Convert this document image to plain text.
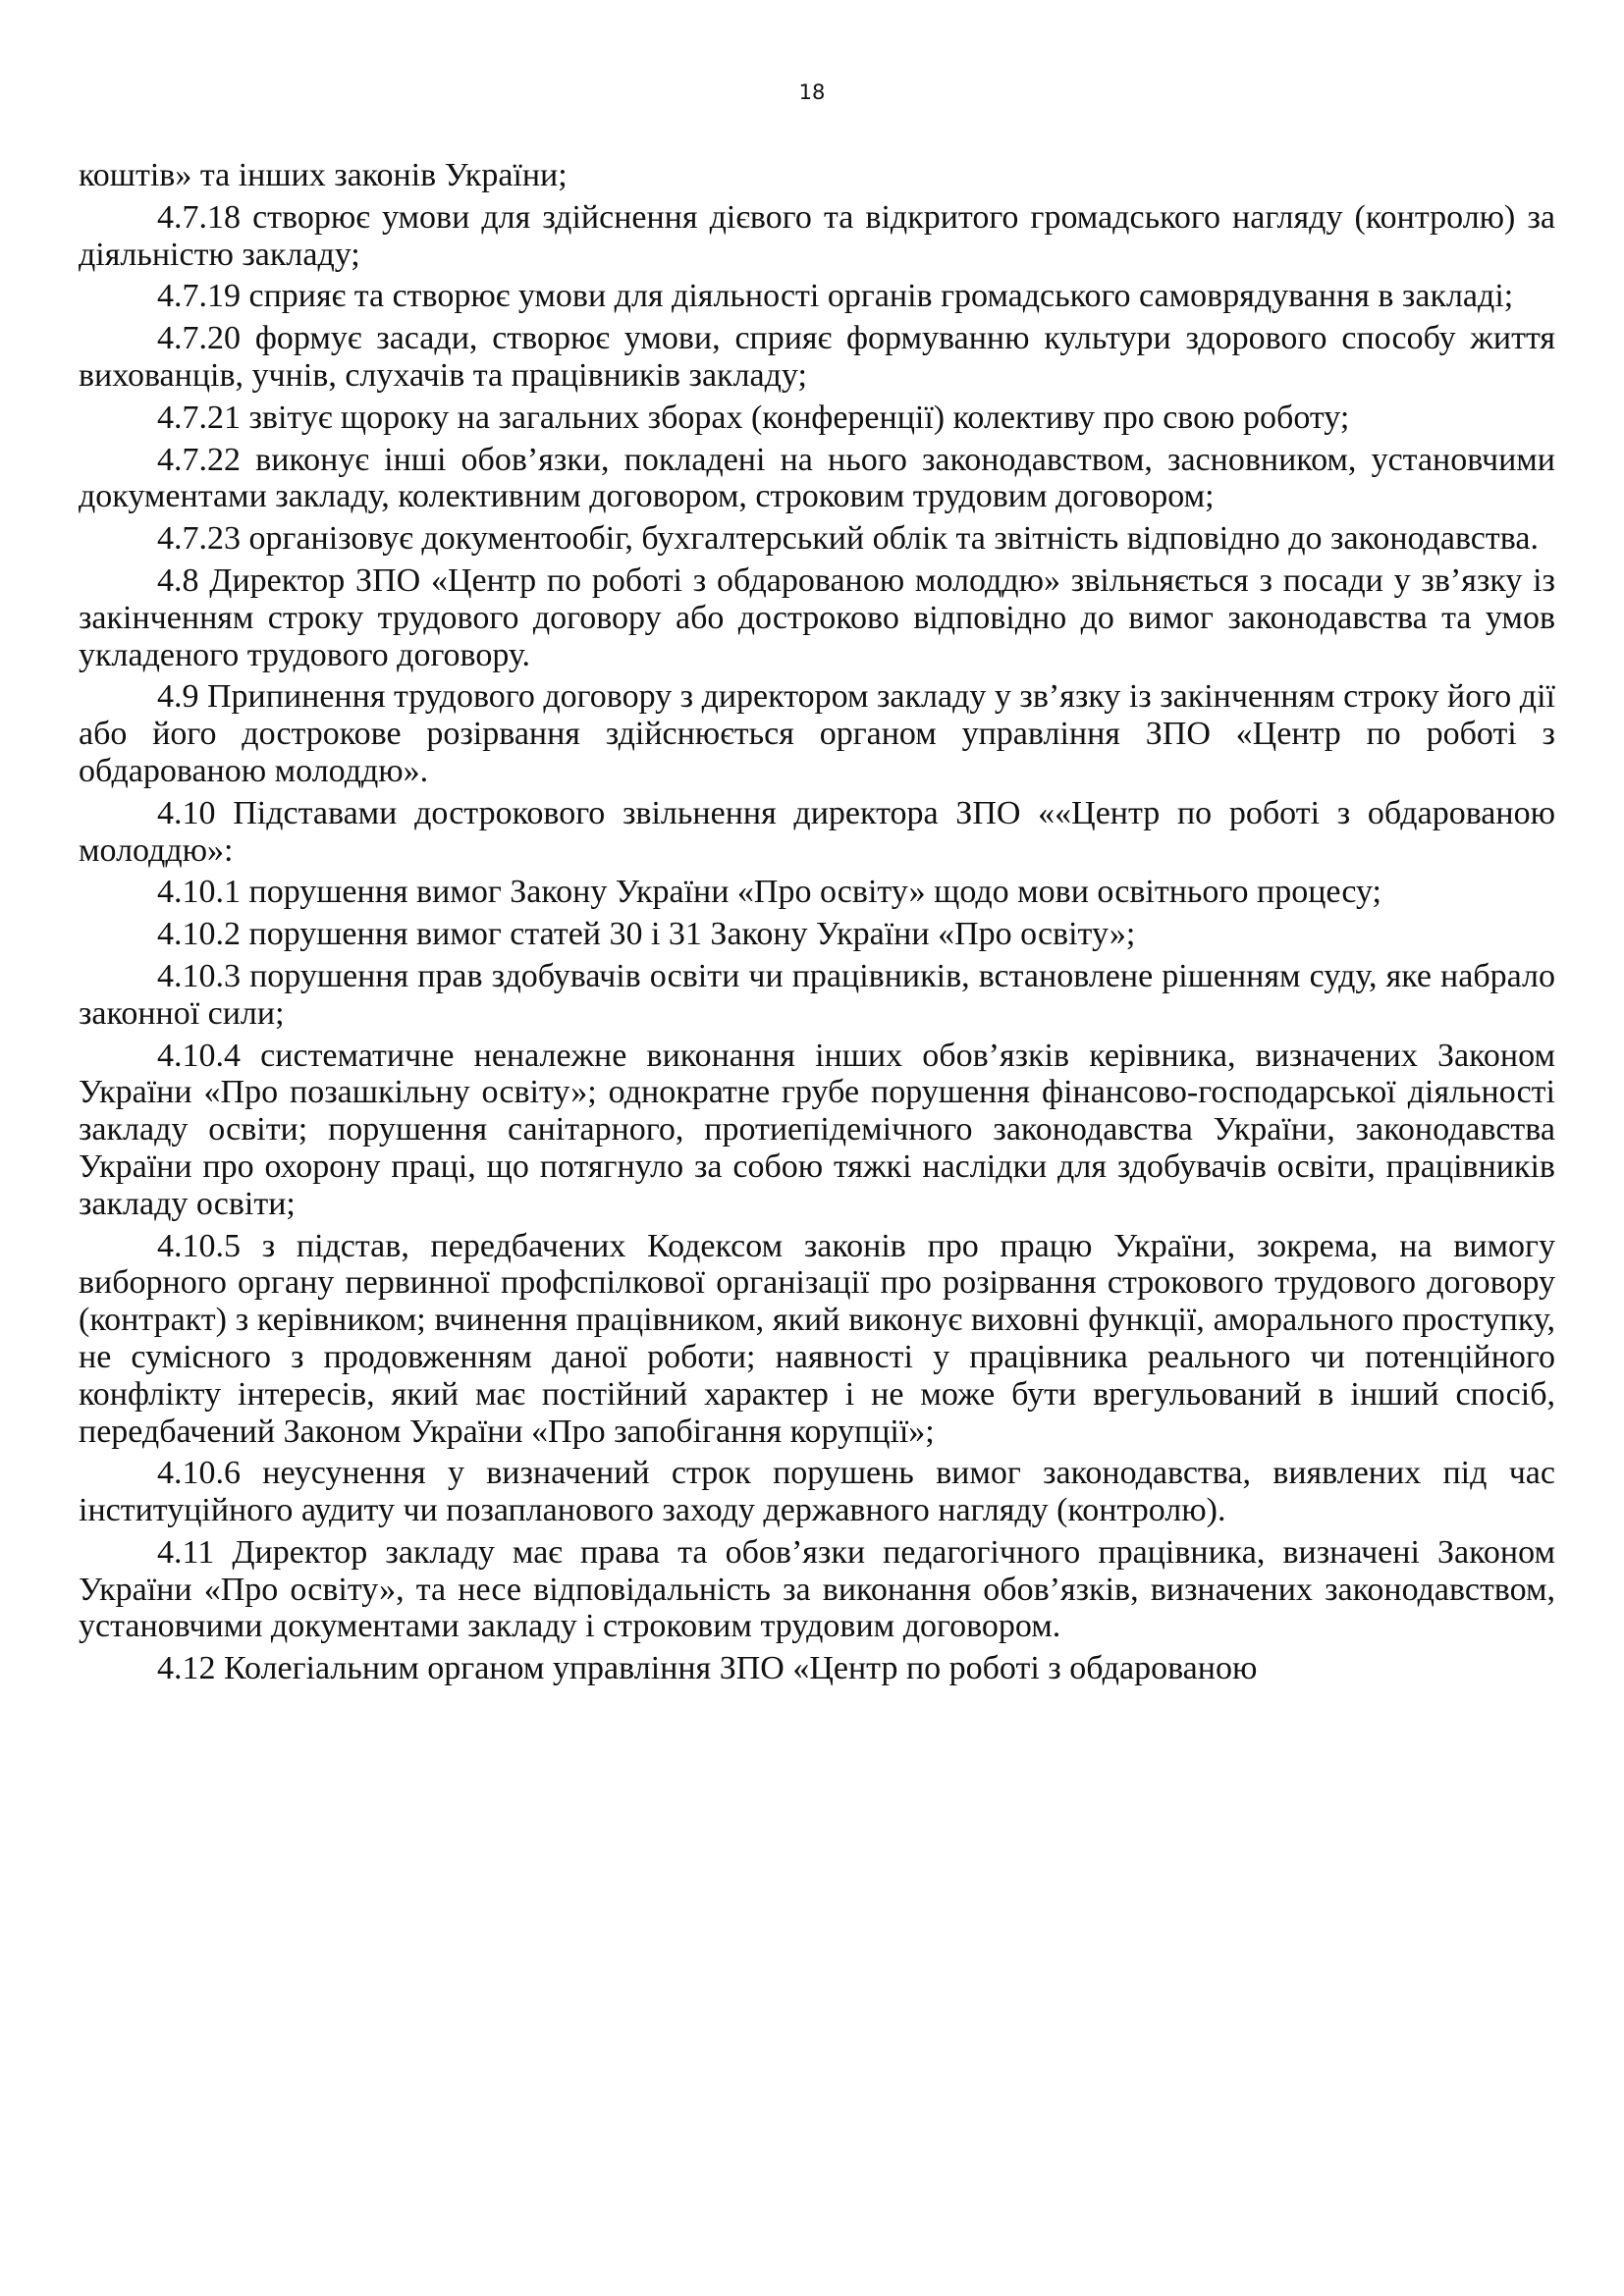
18

коштів» та інших законів України;

4.7.18 створює умови для здійснення дієвого та відкритого громадського нагляду (контролю) за діяльністю закладу;

4.7.19 сприяє та створює умови для діяльності органів громадського самоврядування в закладі;

4.7.20 формує засади, створює умови, сприяє формуванню культури здорового способу життя вихованців, учнів, слухачів та працівників закладу;

4.7.21 звітує щороку на загальних зборах (конференції) колективу про свою роботу;

4.7.22 виконує інші обов’язки, покладені на нього законодавством, засновником, установчими документами закладу, колективним договором, строковим трудовим договором;

4.7.23 організовує документообіг, бухгалтерський облік та звітність відповідно до законодавства.

4.8 Директор ЗПО «Центр по роботі з обдарованою молоддю» звільняється з посади у зв’язку із закінченням строку трудового договору або достроково відповідно до вимог законодавства та умов укладеного трудового договору.

4.9 Припинення трудового договору з директором закладу у зв’язку із закінченням строку його дії або його дострокове розірвання здійснюється органом управління ЗПО «Центр по роботі з обдарованою молоддю».

4.10 Підставами дострокового звільнення директора ЗПО ««Центр по роботі з обдарованою молоддю»:

4.10.1 порушення вимог Закону України «Про освіту» щодо мови освітнього процесу;

4.10.2 порушення вимог статей 30 і 31 Закону України «Про освіту»;

4.10.3 порушення прав здобувачів освіти чи працівників, встановлене рішенням суду, яке набрало законної сили;

4.10.4 систематичне неналежне виконання інших обов’язків керівника, визначених Законом України «Про позашкільну освіту»; однократне грубе порушення фінансово-господарської діяльності закладу освіти; порушення санітарного, протиепідемічного законодавства України, законодавства України про охорону праці, що потягнуло за собою тяжкі наслідки для здобувачів освіти, працівників закладу освіти;

4.10.5 з підстав, передбачених Кодексом законів про працю України, зокрема, на вимогу виборного органу первинної профспілкової організації про розірвання строкового трудового договору (контракт) з керівником; вчинення працівником, який виконує виховні функції, аморального проступку, не сумісного з продовженням даної роботи; наявності у працівника реального чи потенційного конфлікту інтересів, який має постійний характер і не може бути врегульований в інший спосіб, передбачений Законом України «Про запобігання корупції»;

4.10.6 неусунення у визначений строк порушень вимог законодавства, виявлених під час інституційного аудиту чи позапланового заходу державного нагляду (контролю).

4.11 Директор закладу має права та обов’язки педагогічного працівника, визначені Законом України «Про освіту», та несе відповідальність за виконання обов’язків, визначених законодавством, установчими документами закладу і строковим трудовим договором.

4.12 Колегіальним органом управління ЗПО «Центр по роботі з обдарованою
